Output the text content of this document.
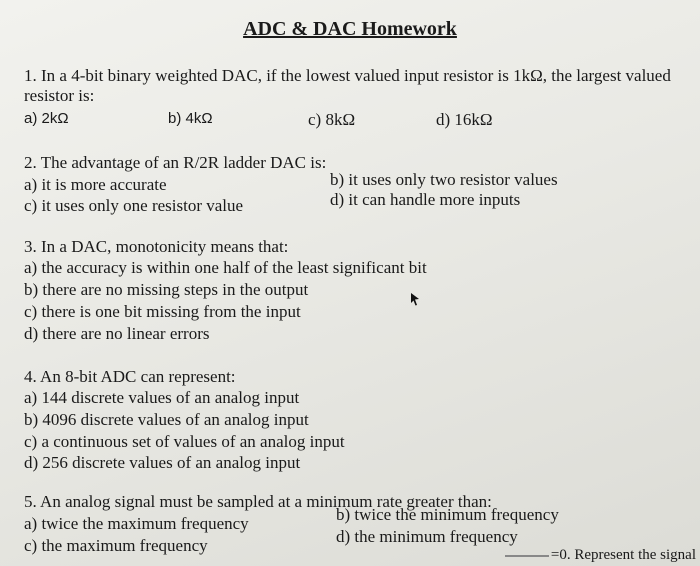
ADC & DAC Homework
1. In a 4-bit binary weighted DAC, if the lowest valued input resistor is 1kΩ, the largest valued resistor is:
a) 2kΩ	b) 4kΩ	c) 8kΩ	d) 16kΩ
2. The advantage of an R/2R ladder DAC is:
a) it is more accurate	b) it uses only two resistor values
c) it uses only one resistor value	d) it can handle more inputs
3. In a DAC, monotonicity means that:
a) the accuracy is within one half of the least significant bit
b) there are no missing steps in the output
c) there is one bit missing from the input
d) there are no linear errors
4. An 8-bit ADC can represent:
a) 144 discrete values of an analog input
b) 4096 discrete values of an analog input
c) a continuous set of values of an analog input
d) 256 discrete values of an analog input
5. An analog signal must be sampled at a minimum rate greater than:
a) twice the maximum frequency	b) twice the minimum frequency
c) the maximum frequency	d) the minimum frequency
=0. Represent the signal
